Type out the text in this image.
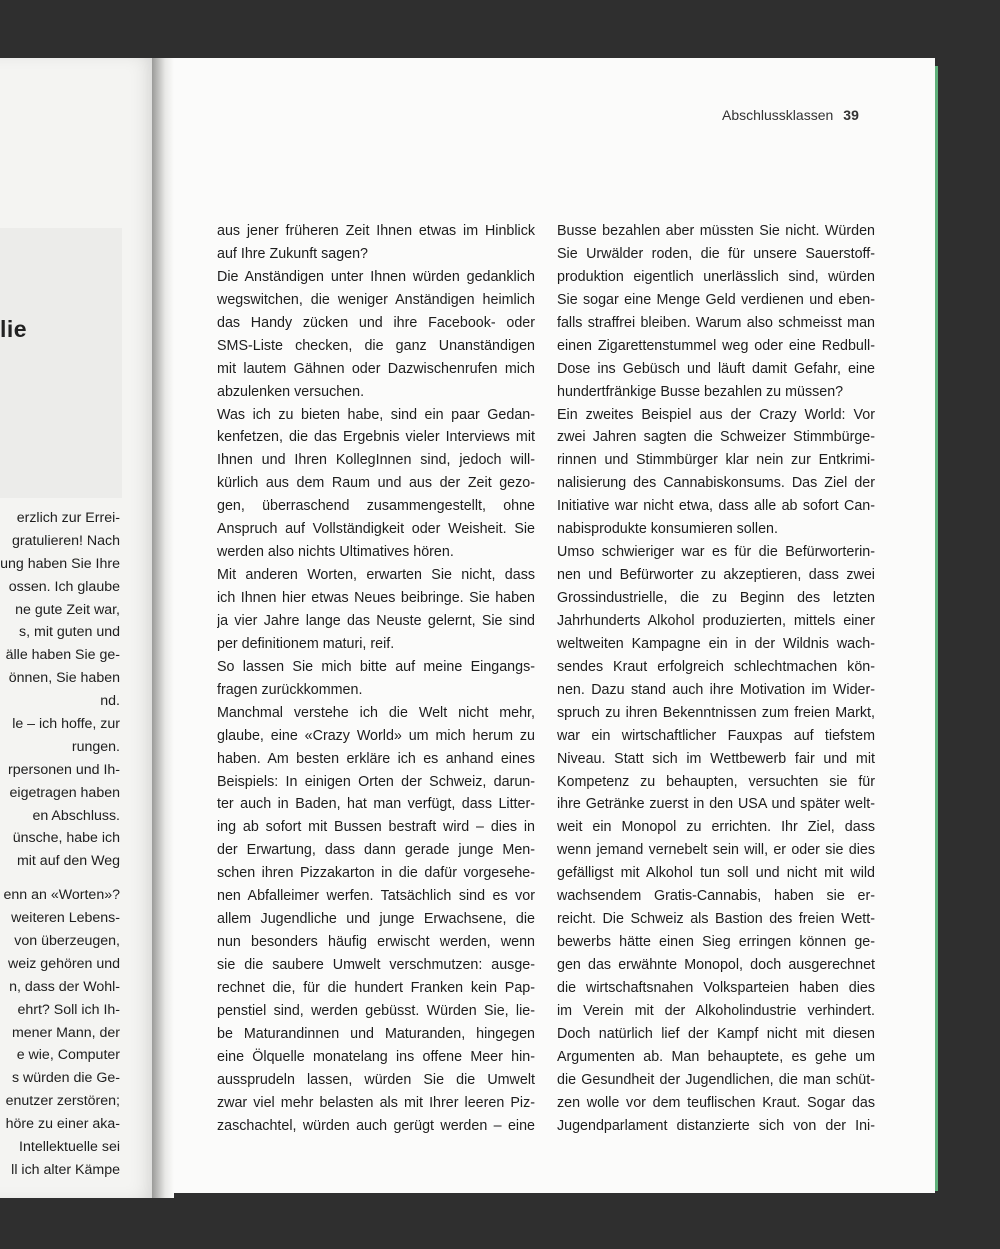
lie
erzlich zur Errei-
gratulieren! Nach
ung haben Sie Ihre
ossen. Ich glaube
ne gute Zeit war,
s, mit guten und
älle haben Sie ge-
önnen, Sie haben
nd.
le – ich hoffe, zur
rungen.
rpersonen und Ih-
eigetragen haben
en Abschluss.
ünsche, habe ich
mit auf den Weg
enn an «Worten»?
weiteren Lebens-
von überzeugen,
weiz gehören und
n, dass der Wohl-
ehrt? Soll ich Ih-
mener Mann, der
e wie, Computer
s würden die Ge-
enutzer zerstören;
höre zu einer aka-
Intellektuelle sei
ll ich alter Kämpe
Abschlussklassen 39
aus jener früheren Zeit Ihnen etwas im Hinblick
auf Ihre Zukunft sagen?
Die Anständigen unter Ihnen würden gedanklich
wegswitchen, die weniger Anständigen heimlich
das Handy zücken und ihre Facebook- oder
SMS-Liste checken, die ganz Unanständigen
mit lautem Gähnen oder Dazwischenrufen mich
abzulenken versuchen.
Was ich zu bieten habe, sind ein paar Gedan-
kenfetzen, die das Ergebnis vieler Interviews mit
Ihnen und Ihren KollegInnen sind, jedoch will-
kürlich aus dem Raum und aus der Zeit gezo-
gen, überraschend zusammengestellt, ohne
Anspruch auf Vollständigkeit oder Weisheit. Sie
werden also nichts Ultimatives hören.
Mit anderen Worten, erwarten Sie nicht, dass
ich Ihnen hier etwas Neues beibringe. Sie haben
ja vier Jahre lange das Neuste gelernt, Sie sind
per definitionem maturi, reif.
So lassen Sie mich bitte auf meine Eingangs-
fragen zurückkommen.
Manchmal verstehe ich die Welt nicht mehr,
glaube, eine «Crazy World» um mich herum zu
haben. Am besten erkläre ich es anhand eines
Beispiels: In einigen Orten der Schweiz, darun-
ter auch in Baden, hat man verfügt, dass Litter-
ing ab sofort mit Bussen bestraft wird – dies in
der Erwartung, dass dann gerade junge Men-
schen ihren Pizzakarton in die dafür vorgesehe-
nen Abfalleimer werfen. Tatsächlich sind es vor
allem Jugendliche und junge Erwachsene, die
nun besonders häufig erwischt werden, wenn
sie die saubere Umwelt verschmutzen: ausge-
rechnet die, für die hundert Franken kein Pap-
penstiel sind, werden gebüsst. Würden Sie, lie-
be Maturandinnen und Maturanden, hingegen
eine Ölquelle monatelang ins offene Meer hin-
aussprudeln lassen, würden Sie die Umwelt
zwar viel mehr belasten als mit Ihrer leeren Piz-
zaschachtel, würden auch gerügt werden – eine
Busse bezahlen aber müssten Sie nicht. Würden
Sie Urwälder roden, die für unsere Sauerstoff-
produktion eigentlich unerlässlich sind, würden
Sie sogar eine Menge Geld verdienen und eben-
falls straffrei bleiben. Warum also schmeisst man
einen Zigarettenstummel weg oder eine Redbull-
Dose ins Gebüsch und läuft damit Gefahr, eine
hundertfränkige Busse bezahlen zu müssen?
Ein zweites Beispiel aus der Crazy World: Vor
zwei Jahren sagten die Schweizer Stimmbürge-
rinnen und Stimmbürger klar nein zur Entkrimi-
nalisierung des Cannabiskonsums. Das Ziel der
Initiative war nicht etwa, dass alle ab sofort Can-
nabisprodukte konsumieren sollen.
Umso schwieriger war es für die Befürworterin-
nen und Befürworter zu akzeptieren, dass zwei
Grossindustrielle, die zu Beginn des letzten
Jahrhunderts Alkohol produzierten, mittels einer
weltweiten Kampagne ein in der Wildnis wach-
sendes Kraut erfolgreich schlechtmachen kön-
nen. Dazu stand auch ihre Motivation im Wider-
spruch zu ihren Bekenntnissen zum freien Markt,
war ein wirtschaftlicher Fauxpas auf tiefstem
Niveau. Statt sich im Wettbewerb fair und mit
Kompetenz zu behaupten, versuchten sie für
ihre Getränke zuerst in den USA und später welt-
weit ein Monopol zu errichten. Ihr Ziel, dass
wenn jemand vernebelt sein will, er oder sie dies
gefälligst mit Alkohol tun soll und nicht mit wild
wachsendem Gratis-Cannabis, haben sie er-
reicht. Die Schweiz als Bastion des freien Wett-
bewerbs hätte einen Sieg erringen können ge-
gen das erwähnte Monopol, doch ausgerechnet
die wirtschaftsnahen Volksparteien haben dies
im Verein mit der Alkoholindustrie verhindert.
Doch natürlich lief der Kampf nicht mit diesen
Argumenten ab. Man behauptete, es gehe um
die Gesundheit der Jugendlichen, die man schüt-
zen wolle vor dem teuflischen Kraut. Sogar das
Jugendparlament distanzierte sich von der Ini-
